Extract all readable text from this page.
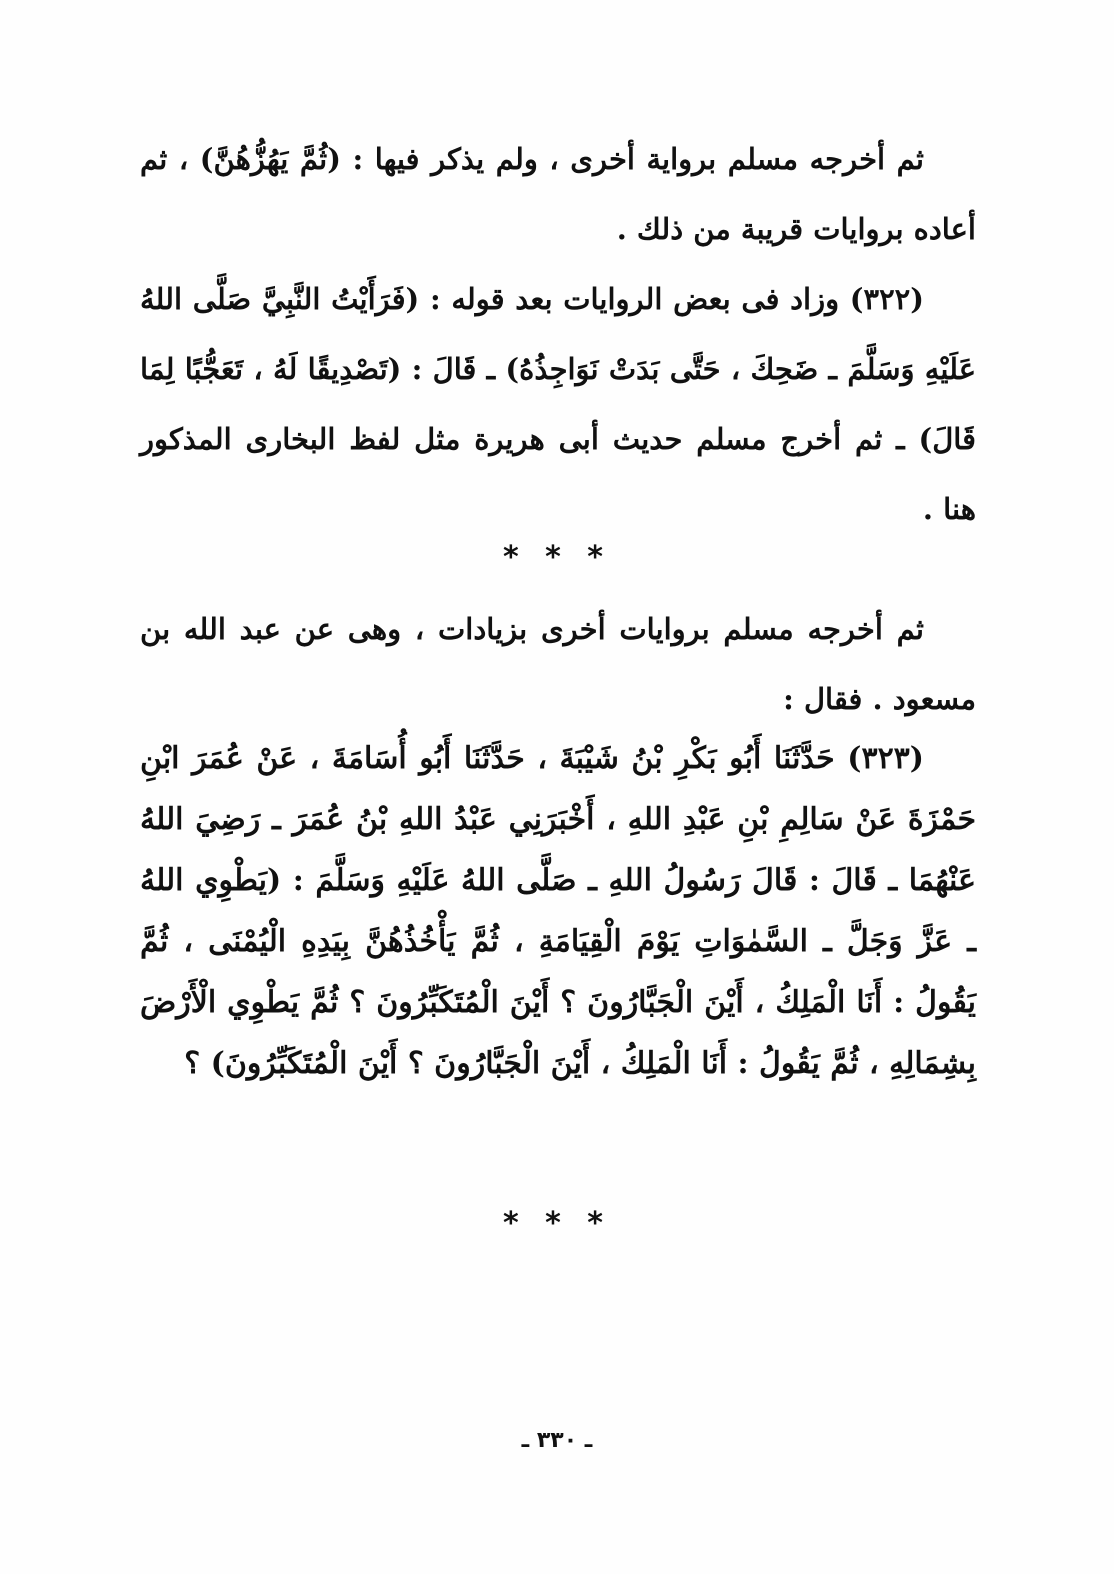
ثم أخرجه مسلم برواية أخرى ، ولم يذكر فيها : (ثُمَّ يَهُزُّهُنَّ) ، ثم أعاده بروايات قريبة من ذلك .

(٣٢٢) وزاد فى بعض الروايات بعد قوله : (فَرَأَيْتُ النَّبِيَّ صَلَّى اللهُ عَلَيْهِ وَسَلَّمَ ـ ضَحِكَ ، حَتَّى بَدَتْ نَوَاجِذُهُ) ـ قَالَ : (تَصْدِيقًا لَهُ ، تَعَجُّبًا لِمَا قَالَ) ـ ثم أخرج مسلم حديث أبى هريرة مثل لفظ البخارى المذكور هنا .

* * *

ثم أخرجه مسلم بروايات أخرى بزيادات ، وهى عن عبد الله بن مسعود . فقال :

(٣٢٣) حَدَّثَنَا أَبُو بَكْرِ بْنُ شَيْبَةَ ، حَدَّثَنَا أَبُو أُسَامَةَ ، عَنْ عُمَرَ ابْنِ حَمْزَةَ عَنْ سَالِمِ بْنِ عَبْدِ اللهِ ، أَخْبَرَنِي عَبْدُ اللهِ بْنُ عُمَرَ ـ رَضِيَ اللهُ عَنْهُمَا ـ قَالَ : قَالَ رَسُولُ اللهِ ـ صَلَّى اللهُ عَلَيْهِ وَسَلَّمَ : (يَطْوِي اللهُ ـ عَزَّ وَجَلَّ ـ السَّمٰوَاتِ يَوْمَ الْقِيَامَةِ ، ثُمَّ يَأْخُذُهُنَّ بِيَدِهِ الْيُمْنَى ، ثُمَّ يَقُولُ : أَنَا الْمَلِكُ ، أَيْنَ الْجَبَّارُونَ ؟ أَيْنَ الْمُتَكَبِّرُونَ ؟ ثُمَّ يَطْوِي الْأَرْضَ بِشِمَالِهِ ، ثُمَّ يَقُولُ : أَنَا الْمَلِكُ ، أَيْنَ الْجَبَّارُونَ ؟ أَيْنَ الْمُتَكَبِّرُونَ) ؟

* * *
ـ ٣٣٠ ـ
